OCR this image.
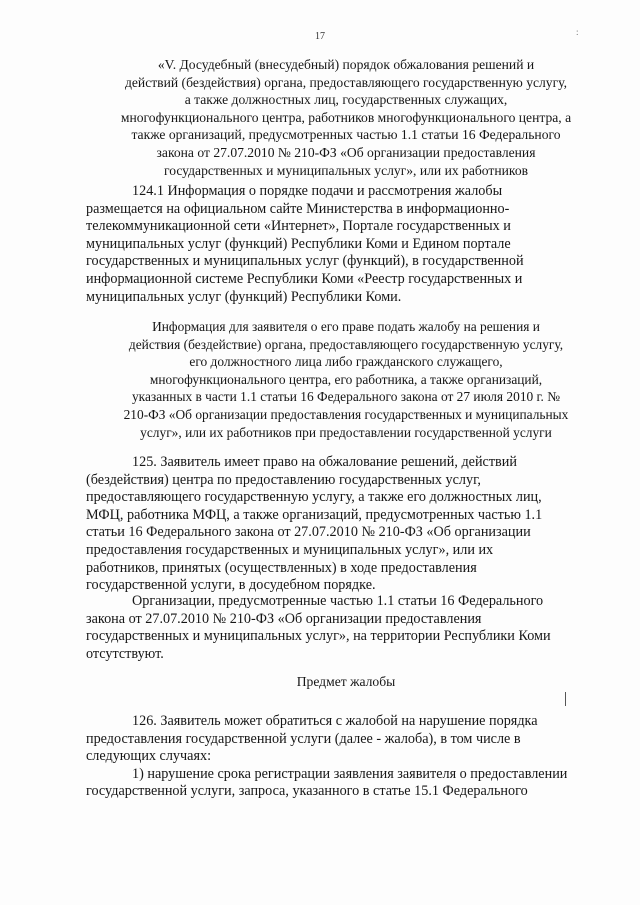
17	:
«V. Досудебный (внесудебный) порядок обжалования решений и
действий (бездействия) органа, предоставляющего государственную услугу,
а также должностных лиц, государственных служащих,
многофункционального центра, работников многофункционального центра, а
также организаций, предусмотренных частью 1.1 статьи 16 Федерального
закона от 27.07.2010 № 210-ФЗ «Об организации предоставления
государственных и муниципальных услуг», или их работников
124.1 Информация о порядке подачи и рассмотрения жалобы
размещается на официальном сайте Министерства в информационно-
телекоммуникационной сети «Интернет», Портале государственных и
муниципальных услуг (функций) Республики Коми и Едином портале
государственных и муниципальных услуг (функций), в государственной
информационной системе Республики Коми «Реестр государственных и
муниципальных услуг (функций) Республики Коми.
Информация для заявителя о его праве подать жалобу на решения и
действия (бездействие) органа, предоставляющего государственную услугу,
его должностного лица либо гражданского служащего,
многофункционального центра, его работника, а также организаций,
указанных в части 1.1 статьи 16 Федерального закона от 27 июля 2010 г. №
210-ФЗ «Об организации предоставления государственных и муниципальных
услуг», или их работников при предоставлении государственной услуги
125. Заявитель имеет право на обжалование решений, действий
(бездействия) центра по предоставлению государственных услуг,
предоставляющего государственную услугу, а также его должностных лиц,
МФЦ, работника МФЦ, а также организаций, предусмотренных частью 1.1
статьи 16 Федерального закона от 27.07.2010 № 210-ФЗ «Об организации
предоставления государственных и муниципальных услуг», или их
работников, принятых (осуществленных) в ходе предоставления
государственной услуги, в досудебном порядке.
Организации, предусмотренные частью 1.1 статьи 16 Федерального
закона от 27.07.2010 № 210-ФЗ «Об организации предоставления
государственных и муниципальных услуг», на территории Республики Коми
отсутствуют.
Предмет жалобы
126. Заявитель может обратиться с жалобой на нарушение порядка
предоставления государственной услуги (далее - жалоба), в том числе в
следующих случаях:
1) нарушение срока регистрации заявления заявителя о предоставлении
государственной услуги, запроса, указанного в статье 15.1 Федерального
